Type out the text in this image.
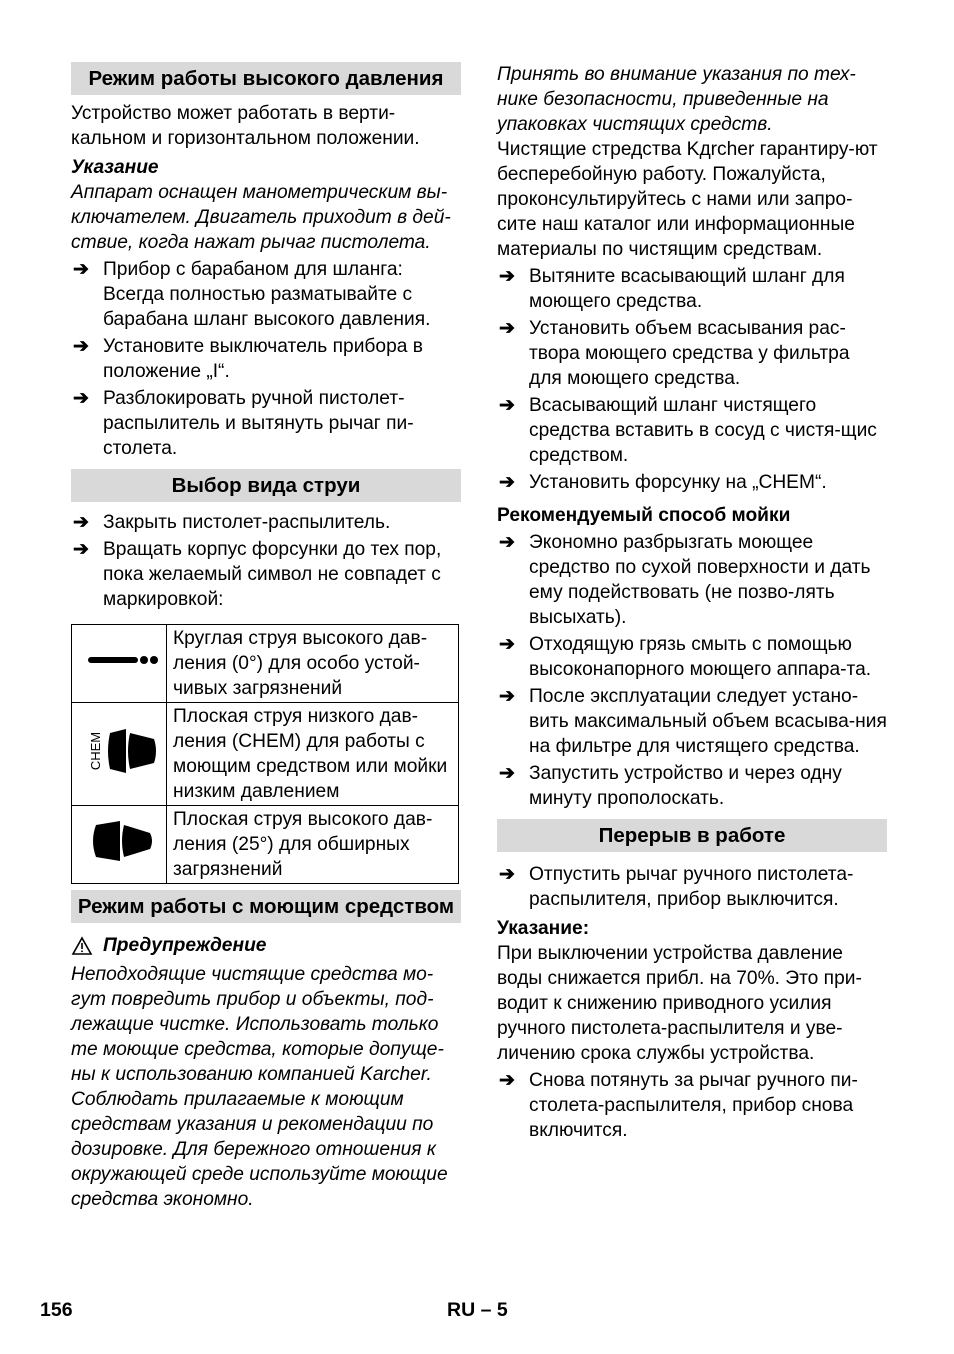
Режим работы высокого давления

Устройство может работать в верти-кальном и горизонтальном положении.

Указание

Аппарат оснащен манометрическим вы-ключателем. Двигатель приходит в дей-ствие, когда нажат рычаг пистолета.

➔ Прибор с барабаном для шланга:

Всегда полностью разматывайте с барабана шланг высокого давления.

➔ Установите выключатель прибора в положение „I“.
➔ Разблокировать ручной пистолет-распылитель и вытянуть рычаг пи-столета.
Выбор вида струи
➔ Закрыть пистолет-распылитель.
➔ Вращать корпус форсунки до тех пор, пока желаемый символ не совпадет с маркировкой:
	Круглая струя высокого дав-ления (0°) для особо устой-чивых загрязнений

CHEM	Плоская струя низкого дав-ления (CHEM) для работы с моющим средством или мойки низким давлением
	Плоская струя высокого дав-ления (25°) для обширных загрязнений
Режим работы с моющим средством
Предупреждение

Неподходящие чистящие средства мо-гут повредить прибор и объекты, под-лежащие чистке. Использовать только те моющие средства, которые допуще-ны к использованию компанией Karcher. Соблюдать прилагаемые к моющим средствам указания и рекомендации по дозировке. Для бережного отношения к окружающей среде используйте моющие средства экономно.

Принять во внимание указания по тех-нике безопасности, приведенные на упаковках чистящих средств.

Чистящие стредства Kдrcher гарантиру-ют бесперебойную работу. Пожалуйста, проконсультируйтесь с нами или запро-сите наш каталог или информационные материалы по чистящим средствам.

➔ Вытяните всасывающий шланг для моющего средства.
➔ Установить объем всасывания рас-твора моющего средства у фильтра для моющего средства.
➔ Всасывающий шланг чистящего средства вставить в сосуд с чистя-щис средством.
➔ Установить форсунку на „CHEM“.

Рекомендуемый способ мойки

➔ Экономно разбрызгать моющее средство по сухой поверхности и дать ему подействовать (не позво-лять высыхать).
➔ Отходящую грязь смыть с помощью высоконапорного моющего аппара-та.
➔ После эксплуатации следует устано-вить максимальный объем всасыва-ния на фильтре для чистящего средства.
➔ Запустить устройство и через одну минуту прополоскать.
Перерыв в работе
➔ Отпустить рычаг ручного пистолета-распылителя, прибор выключится.

Указание:

При выключении устройства давление воды снижается прибл. на 70%. Это при-водит к снижению приводного усилия ручного пистолета-распылителя и уве-личению срока службы устройства.

➔ Снова потянуть за рычаг ручного пи-столета-распылителя, прибор снова включится.
156	RU – 5
